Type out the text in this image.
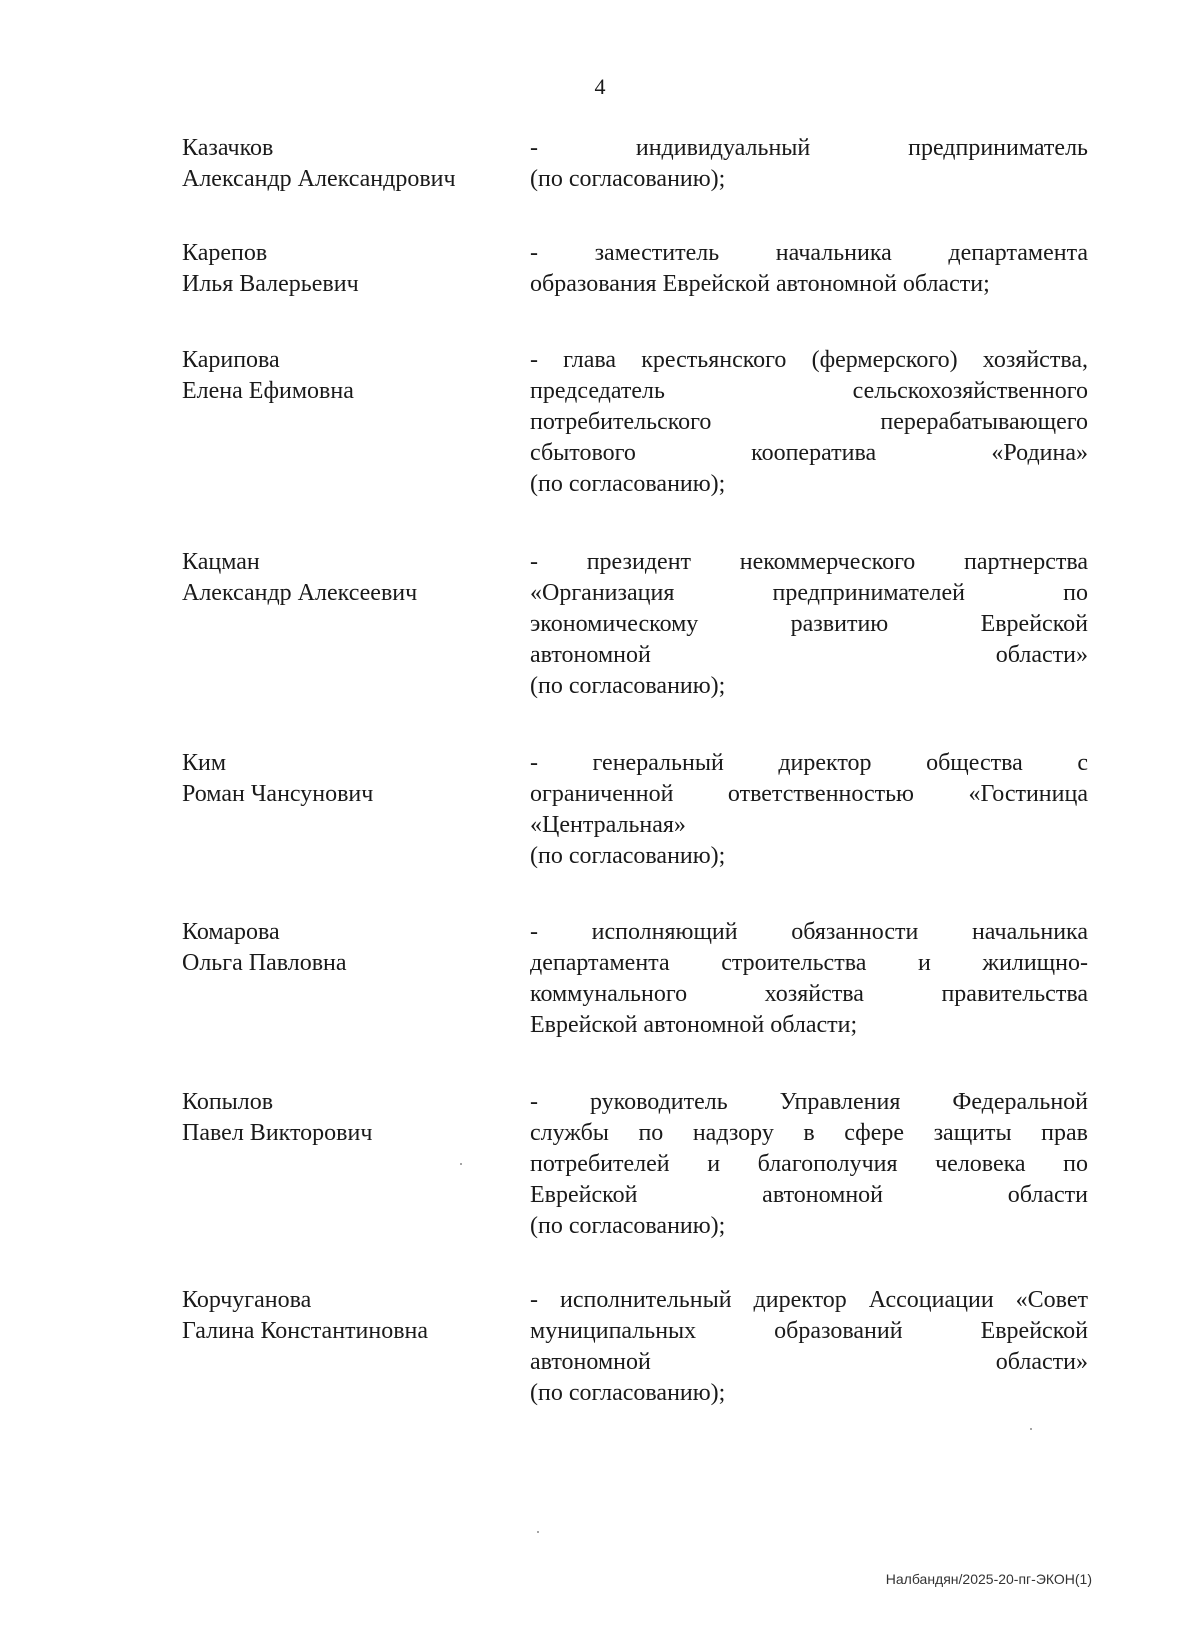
4
Казачков
Александр Александрович
- индивидуальный предприниматель
(по согласованию);
Карепов
Илья Валерьевич
- заместитель начальника департамента
образования Еврейской автономной области;
Карипова
Елена Ефимовна
- глава крестьянского (фермерского) хозяйства,
председатель сельскохозяйственного
потребительского перерабатывающего
сбытового кооператива «Родина»
(по согласованию);
Кацман
Александр Алексеевич
- президент некоммерческого партнерства
«Организация предпринимателей по
экономическому развитию Еврейской
автономной области»
(по согласованию);
Ким
Роман Чансунович
- генеральный директор общества с
ограниченной ответственностью «Гостиница
«Центральная»
(по согласованию);
Комарова
Ольга Павловна
- исполняющий обязанности начальника
департамента строительства и жилищно-
коммунального хозяйства правительства
Еврейской автономной области;
Копылов
Павел Викторович
- руководитель Управления Федеральной
службы по надзору в сфере защиты прав
потребителей и благополучия человека по
Еврейской автономной области
(по согласованию);
Корчуганова
Галина Константиновна
- исполнительный директор Ассоциации «Совет
муниципальных образований Еврейской
автономной области»
(по согласованию);
Налбандян/2025-20-пг-ЭКОН(1)
